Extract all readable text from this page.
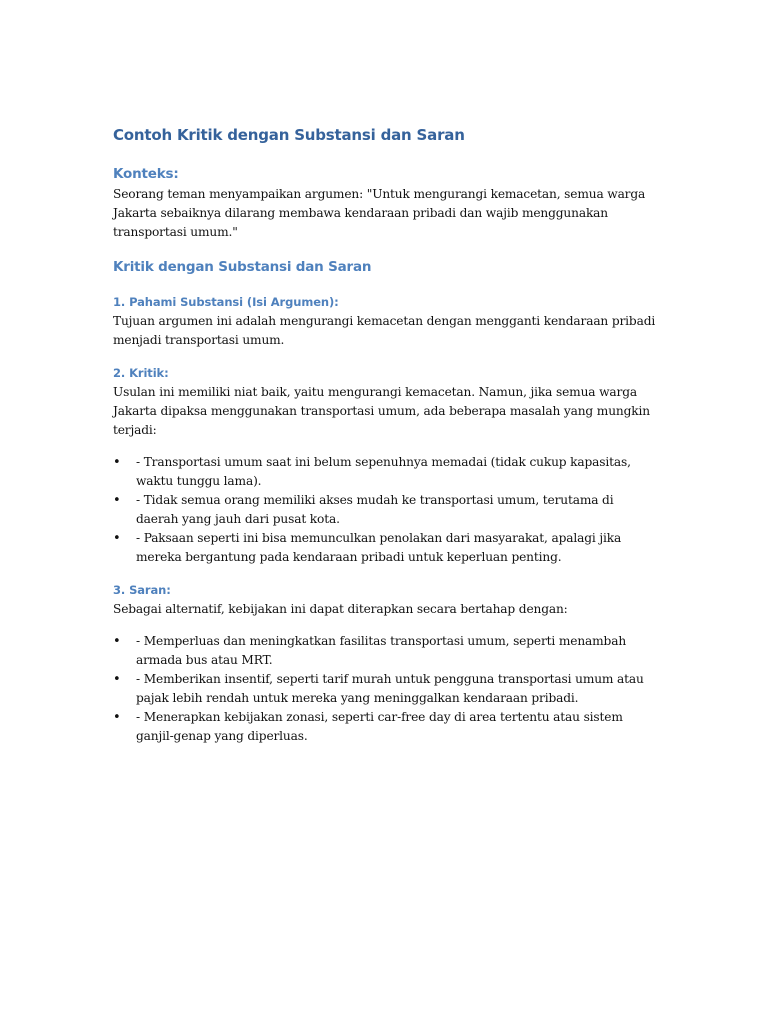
Contoh Kritik dengan Substansi dan Saran
Konteks:

Seorang teman menyampaikan argumen: "Untuk mengurangi kemacetan, semua warga Jakarta sebaiknya dilarang membawa kendaraan pribadi dan wajib menggunakan transportasi umum."

Kritik dengan Substansi dan Saran
1. Pahami Substansi (Isi Argumen):

Tujuan argumen ini adalah mengurangi kemacetan dengan mengganti kendaraan pribadi menjadi transportasi umum.

2. Kritik:

Usulan ini memiliki niat baik, yaitu mengurangi kemacetan. Namun, jika semua warga Jakarta dipaksa menggunakan transportasi umum, ada beberapa masalah yang mungkin terjadi:

• - Transportasi umum saat ini belum sepenuhnya memadai (tidak cukup kapasitas, waktu tunggu lama).
• - Tidak semua orang memiliki akses mudah ke transportasi umum, terutama di daerah yang jauh dari pusat kota.
• - Paksaan seperti ini bisa memunculkan penolakan dari masyarakat, apalagi jika mereka bergantung pada kendaraan pribadi untuk keperluan penting.
3. Saran:

Sebagai alternatif, kebijakan ini dapat diterapkan secara bertahap dengan:

• - Memperluas dan meningkatkan fasilitas transportasi umum, seperti menambah armada bus atau MRT.
• - Memberikan insentif, seperti tarif murah untuk pengguna transportasi umum atau pajak lebih rendah untuk mereka yang meninggalkan kendaraan pribadi.
• - Menerapkan kebijakan zonasi, seperti car-free day di area tertentu atau sistem ganjil-genap yang diperluas.
